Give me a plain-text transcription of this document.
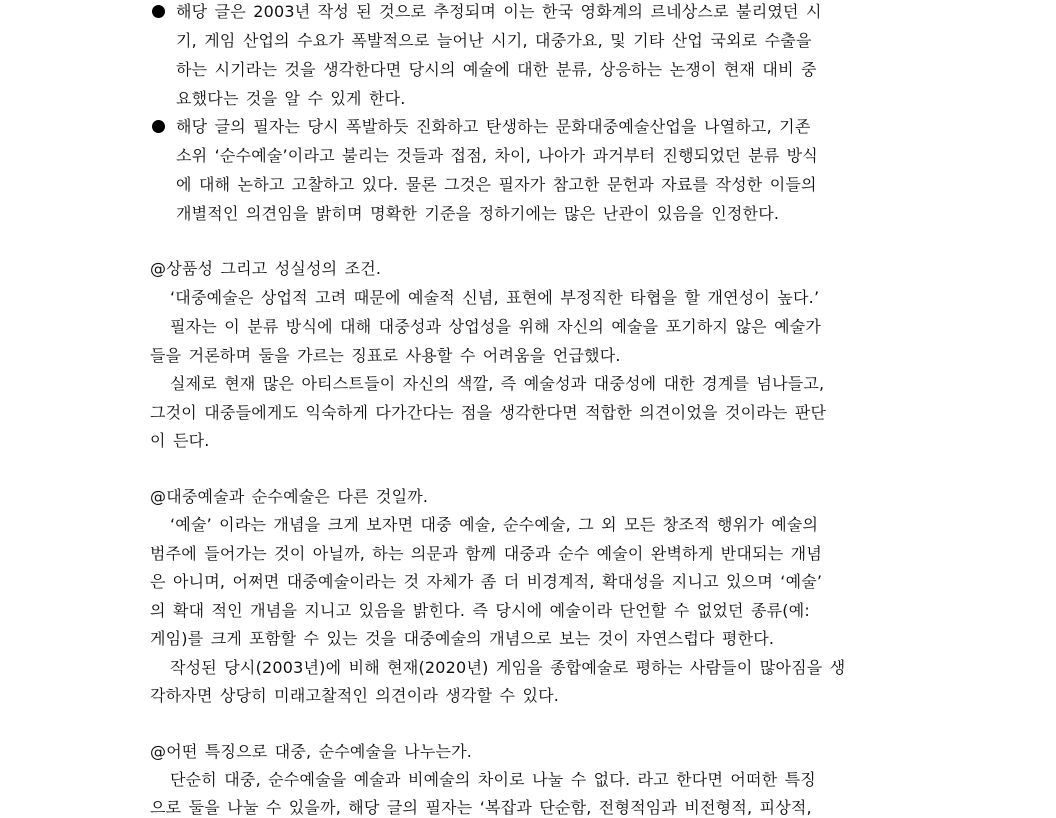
해당 글은 2003년 작성 된 것으로 추정되며 이는 한국 영화계의 르네상스로 불리였던 시
기, 게임 산업의 수요가 폭발적으로 늘어난 시기, 대중가요, 및 기타 산업 국외로 수출을
하는 시기라는 것을 생각한다면 당시의 예술에 대한 분류, 상응하는 논쟁이 현재 대비 중
요했다는 것을 알 수 있게 한다.
해당 글의 필자는 당시 폭발하듯 진화하고 탄생하는 문화대중예술산업을 나열하고, 기존
소위 ‘순수예술’이라고 불리는 것들과 접점, 차이, 나아가 과거부터 진행되었던 분류 방식
에 대해 논하고 고찰하고 있다. 물론 그것은 필자가 참고한 문헌과 자료를 작성한 이들의
개별적인 의견임을 밝히며 명확한 기준을 정하기에는 많은 난관이 있음을 인정한다.
@상품성 그리고 성실성의 조건.
‘대중예술은 상업적 고려 때문에 예술적 신념, 표현에 부정직한 타협을 할 개연성이 높다.’
필자는 이 분류 방식에 대해 대중성과 상업성을 위해 자신의 예술을 포기하지 않은 예술가
들을 거론하며 둘을 가르는 징표로 사용할 수 어려움을 언급했다.
실제로 현재 많은 아티스트들이 자신의 색깔, 즉 예술성과 대중성에 대한 경계를 넘나들고,
그것이 대중들에게도 익숙하게 다가간다는 점을 생각한다면 적합한 의견이었을 것이라는 판단
이 든다.
@대중예술과 순수예술은 다른 것일까.
‘예술’ 이라는 개념을 크게 보자면 대중 예술, 순수예술, 그 외 모든 창조적 행위가 예술의
범주에 들어가는 것이 아닐까, 하는 의문과 함께 대중과 순수 예술이 완벽하게 반대되는 개념
은 아니며, 어쩌면 대중예술이라는 것 자체가 좀 더 비경계적, 확대성을 지니고 있으며 ‘예술’
의 확대 적인 개념을 지니고 있음을 밝힌다. 즉 당시에 예술이라 단언할 수 없었던 종류(예:
게임)를 크게 포함할 수 있는 것을 대중예술의 개념으로 보는 것이 자연스럽다 평한다.
작성된 당시(2003년)에 비해 현재(2020년) 게임을 종합예술로 평하는 사람들이 많아짐을 생
각하자면 상당히 미래고찰적인 의견이라 생각할 수 있다.
@어떤 특징으로 대중, 순수예술을 나누는가.
단순히 대중, 순수예술을 예술과 비예술의 차이로 나눌 수 없다. 라고 한다면 어떠한 특징
으로 둘을 나눌 수 있을까, 해당 글의 필자는 ‘복잡과 단순함, 전형적임과 비전형적, 피상적,
